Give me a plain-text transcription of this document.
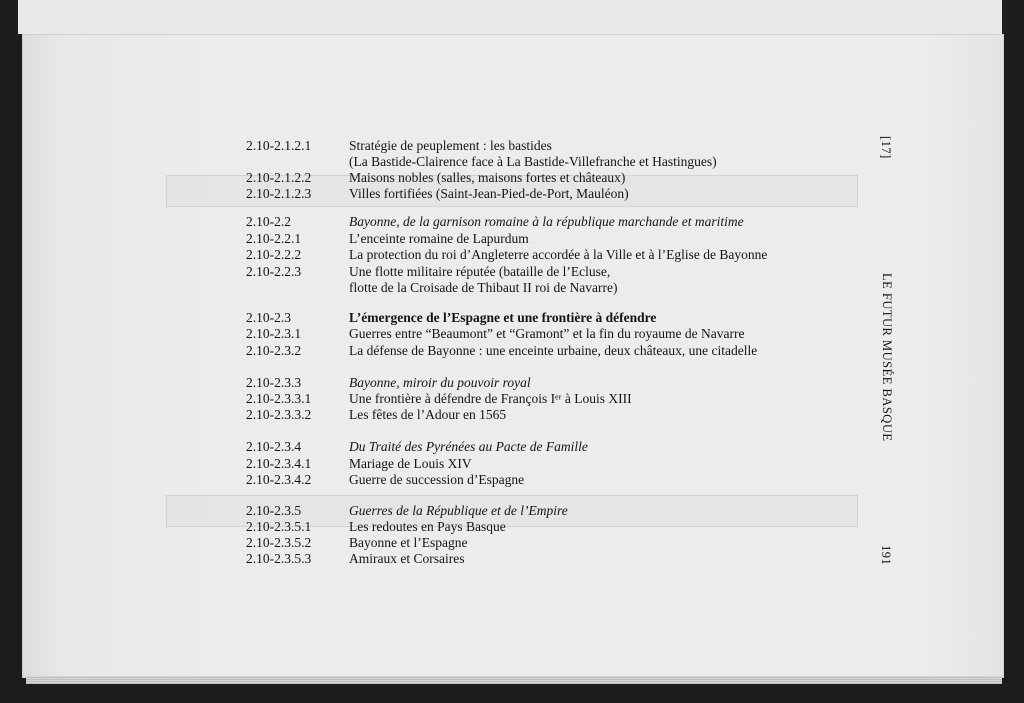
2.10-2.1.2.1	Stratégie de peuplement : les bastides
(La Bastide-Clairence face à La Bastide-Villefranche et Hastingues)
2.10-2.1.2.2	Maisons nobles (salles, maisons fortes et châteaux)
2.10-2.1.2.3	Villes fortifiées (Saint-Jean-Pied-de-Port, Mauléon)
2.10-2.2	Bayonne, de la garnison romaine à la république marchande et maritime
2.10-2.2.1	L’enceinte romaine de Lapurdum
2.10-2.2.2	La protection du roi d’Angleterre accordée à la Ville et à l’Eglise de Bayonne
2.10-2.2.3	Une flotte militaire réputée (bataille de l’Ecluse,
flotte de la Croisade de Thibaut II roi de Navarre)
2.10-2.3	L’émergence de l’Espagne et une frontière à défendre
2.10-2.3.1	Guerres entre “Beaumont” et “Gramont” et la fin du royaume de Navarre
2.10-2.3.2	La défense de Bayonne : une enceinte urbaine, deux châteaux, une citadelle
2.10-2.3.3	Bayonne, miroir du pouvoir royal
2.10-2.3.3.1	Une frontière à défendre de François Iᵉʳ à Louis XIII
2.10-2.3.3.2	Les fêtes de l’Adour en 1565
2.10-2.3.4	Du Traité des Pyrénées au Pacte de Famille
2.10-2.3.4.1	Mariage de Louis XIV
2.10-2.3.4.2	Guerre de succession d’Espagne
2.10-2.3.5	Guerres de la République et de l’Empire
2.10-2.3.5.1	Les redoutes en Pays Basque
2.10-2.3.5.2	Bayonne et l’Espagne
2.10-2.3.5.3	Amiraux et Corsaires
[17]
LE FUTUR MUSÉE BASQUE
191
